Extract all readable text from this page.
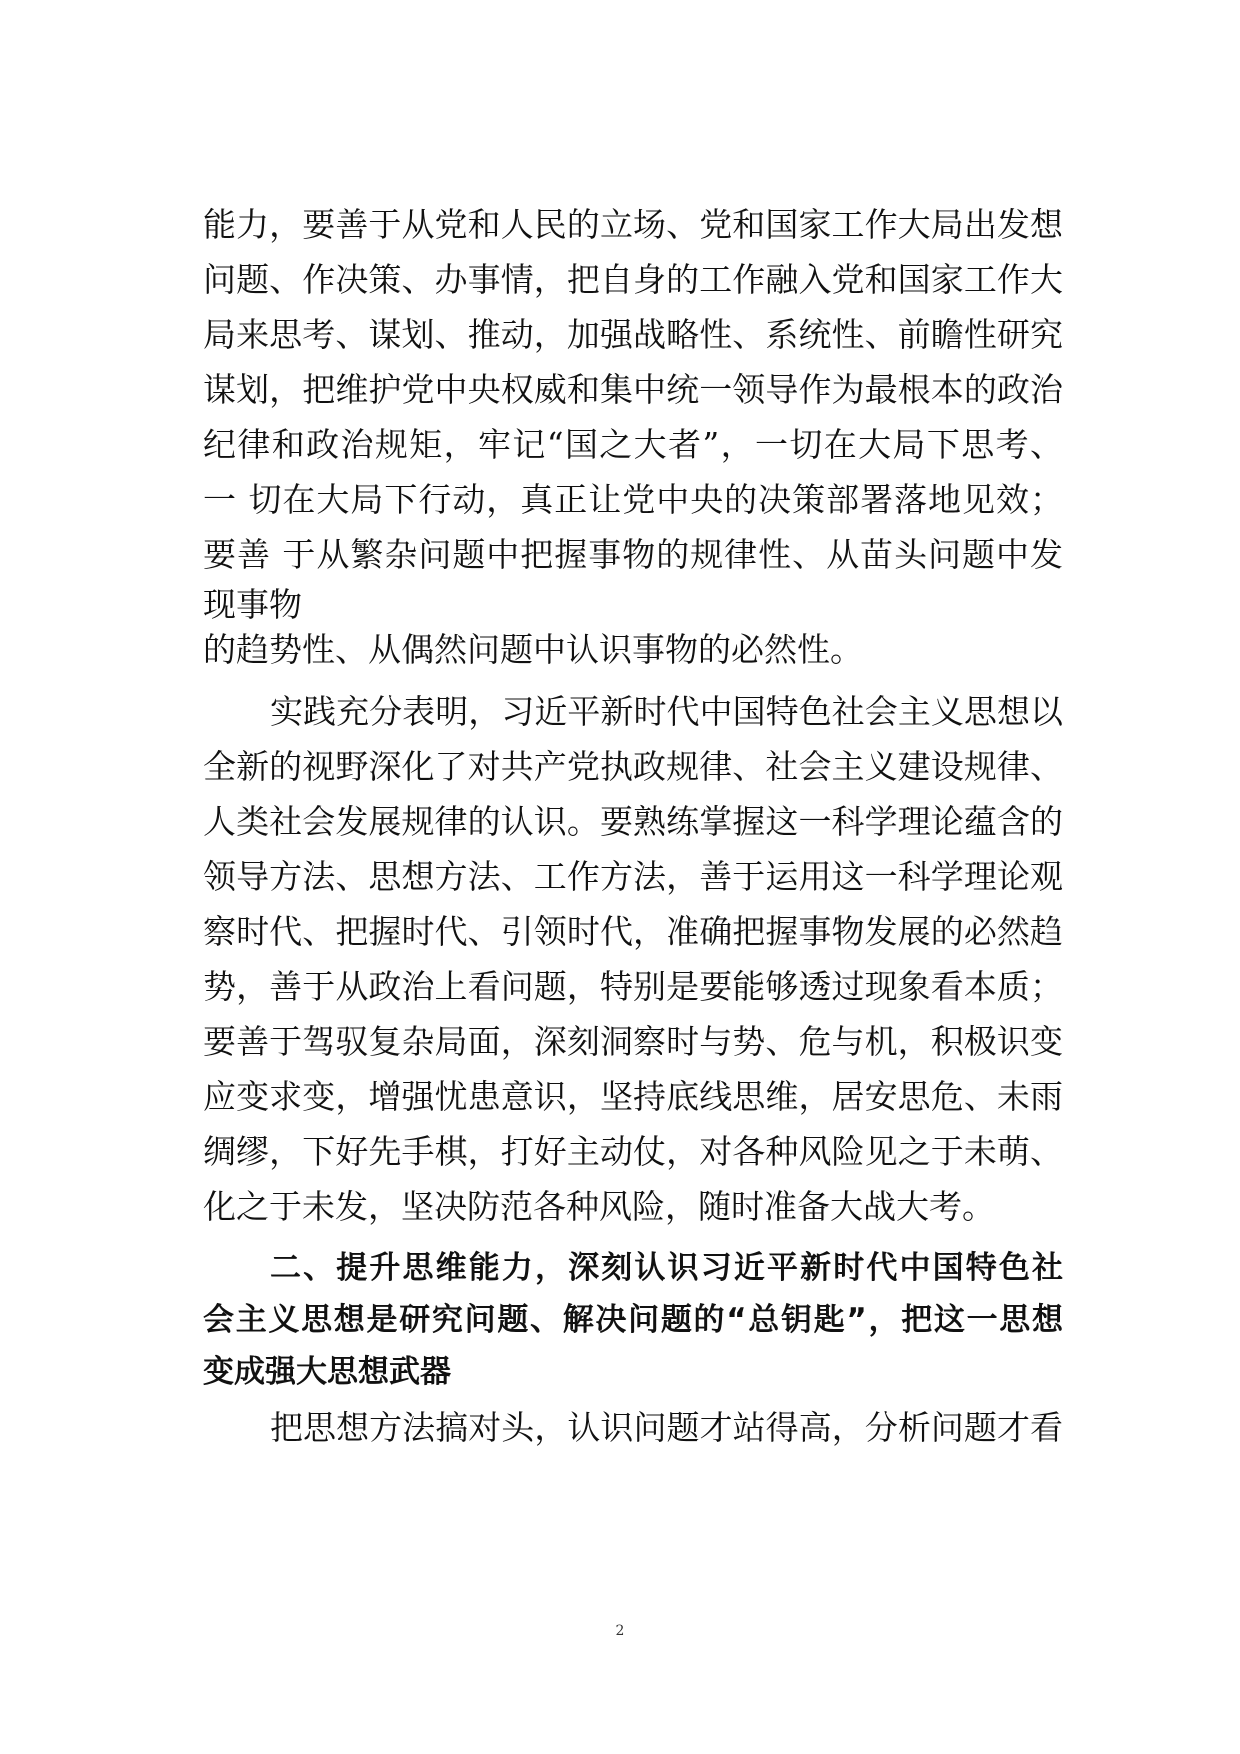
能力，要善于从党和人民的立场、党和国家工作大局出发想
问题、作决策、办事情，把自身的工作融入党和国家工作大
局来思考、谋划、推动，加强战略性、系统性、前瞻性研究
谋划，把维护党中央权威和集中统一领导作为最根本的政治
纪律和政治规矩，牢记“国之大者”，一切在大局下思考、
一 切在大局下行动，真正让党中央的决策部署落地见效；
要善 于从繁杂问题中把握事物的规律性、从苗头问题中发
现事物
的趋势性、从偶然问题中认识事物的必然性。
实践充分表明，习近平新时代中国特色社会主义思想以
全新的视野深化了对共产党执政规律、社会主义建设规律、
人类社会发展规律的认识。要熟练掌握这一科学理论蕴含的
领导方法、思想方法、工作方法，善于运用这一科学理论观
察时代、把握时代、引领时代，准确把握事物发展的必然趋
势，善于从政治上看问题，特别是要能够透过现象看本质；
要善于驾驭复杂局面，深刻洞察时与势、危与机，积极识变
应变求变，增强忧患意识，坚持底线思维，居安思危、未雨
绸缪，下好先手棋，打好主动仗，对各种风险见之于未萌、
化之于未发，坚决防范各种风险，随时准备大战大考。
二、提升思维能力，深刻认识习近平新时代中国特色社
会主义思想是研究问题、解决问题的“总钥匙”，把这一思想
变成强大思想武器
把思想方法搞对头，认识问题才站得高，分析问题才看
2
